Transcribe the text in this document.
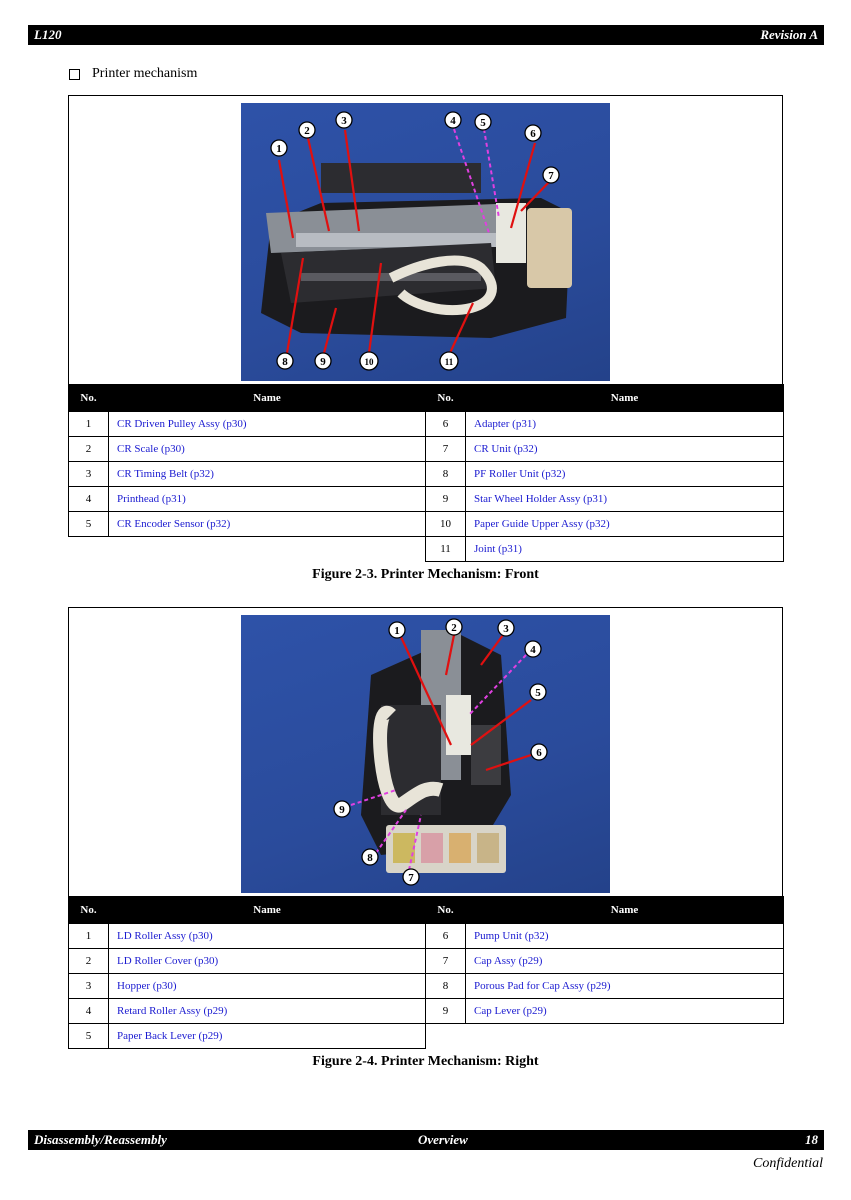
L120	Revision A
Printer mechanism
1
2
3	4 5
6
7
8	9	10	11
No.	Name	No.	Name
1	CR Driven Pulley Assy (p30)	6	Adapter (p31)
2	CR Scale (p30)	7	CR Unit (p32)
3	CR Timing Belt (p32)	8	PF Roller Unit (p32)
4	Printhead (p31)	9	Star Wheel Holder Assy (p31)
5	CR Encoder Sensor (p32)	10	Paper Guide Upper Assy (p32)
		11	Joint (p31)
Figure 2-3. Printer Mechanism: Front
1	2	3
4
5
6
7
8
9
No.	Name	No.	Name
1	LD Roller Assy (p30)	6	Pump Unit (p32)
2	LD Roller Cover (p30)	7	Cap Assy (p29)
3	Hopper (p30)	8	Porous Pad for Cap Assy (p29)
4	Retard Roller Assy (p29)	9	Cap Lever (p29)
5	Paper Back Lever (p29)		
Figure 2-4. Printer Mechanism: Right
Disassembly/Reassembly	Overview	18
Confidential
